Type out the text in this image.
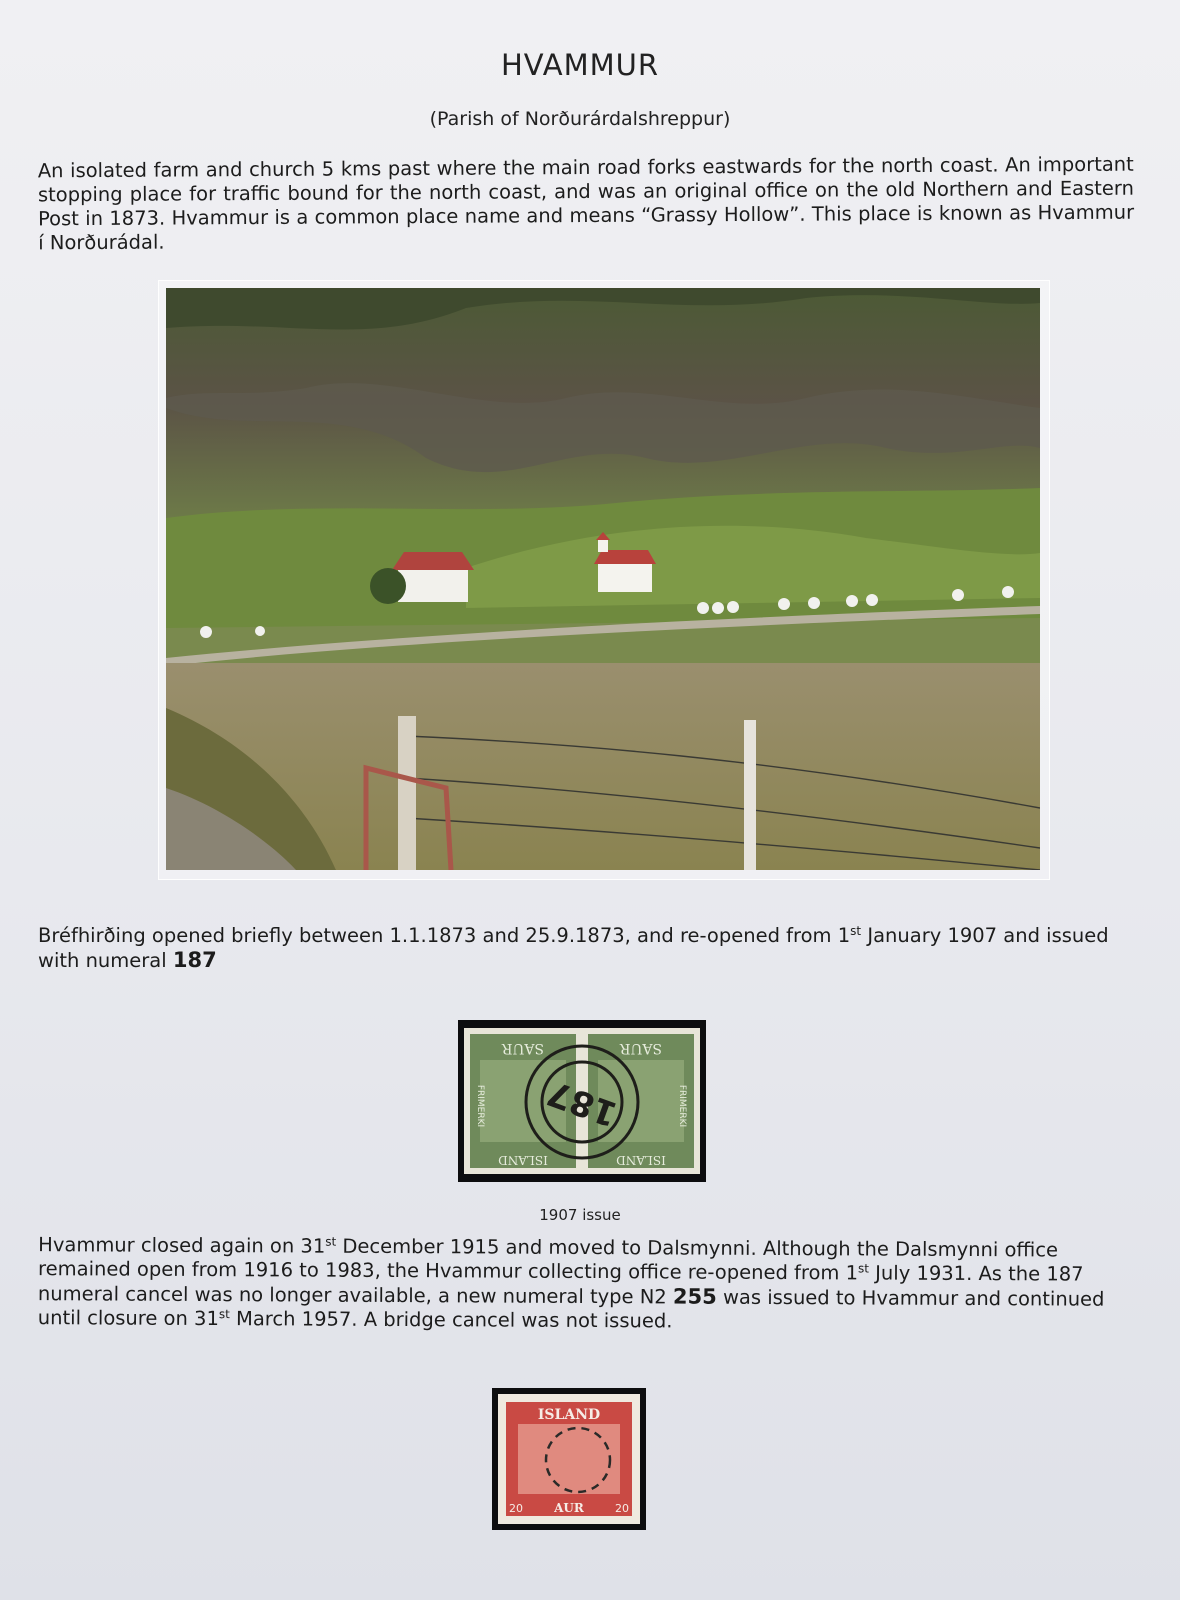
HVAMMUR
(Parish of Norðurárdalshreppur)
An isolated farm and church 5 kms past where the main road forks eastwards for the north coast. An important stopping place for traffic bound for the north coast, and was an original office on the old Northern and Eastern Post in 1873. Hvammur is a common place name and means “Grassy Hollow”. This place is known as Hvammur í Norðurádal.
Bréfhirðing opened briefly between 1.1.1873 and 25.9.1873, and re-opened from 1st January 1907 and issued with numeral 187
SAUR
ISLAND
FRIMERKI
SAUR
ISLAND
FRIMERKI
187
1907 issue
Hvammur closed again on 31st December 1915 and moved to Dalsmynni. Although the Dalsmynni office remained open from 1916 to 1983, the Hvammur collecting office re-opened from 1st July 1931. As the 187 numeral cancel was no longer available, a new numeral type N2 255 was issued to Hvammur and continued until closure on 31st March 1957. A bridge cancel was not issued.
ISLAND
AUR
20	20
